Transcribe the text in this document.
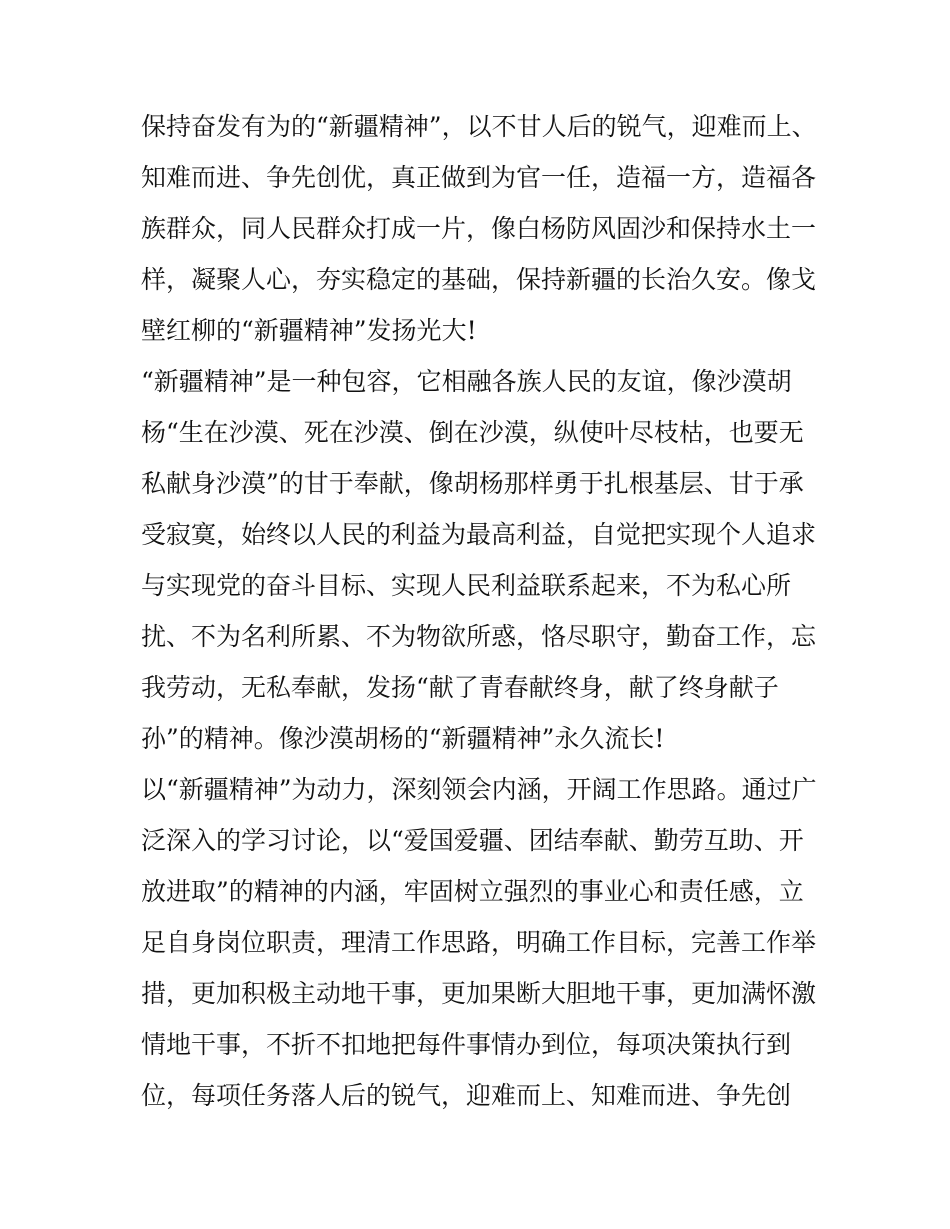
保持奋发有为的“新疆精神”，以不甘人后的锐气，迎难而上、
知难而进、争先创优，真正做到为官一任，造福一方，造福各
族群众，同人民群众打成一片，像白杨防风固沙和保持水土一
样，凝聚人心，夯实稳定的基础，保持新疆的长治久安。像戈
壁红柳的“新疆精神”发扬光大!
“新疆精神”是一种包容，它相融各族人民的友谊，像沙漠胡
杨“生在沙漠、死在沙漠、倒在沙漠，纵使叶尽枝枯，也要无
私献身沙漠”的甘于奉献，像胡杨那样勇于扎根基层、甘于承
受寂寞，始终以人民的利益为最高利益，自觉把实现个人追求
与实现党的奋斗目标、实现人民利益联系起来，不为私心所
扰、不为名利所累、不为物欲所惑，恪尽职守，勤奋工作，忘
我劳动，无私奉献，发扬“献了青春献终身，献了终身献子
孙”的精神。像沙漠胡杨的“新疆精神”永久流长!
以“新疆精神”为动力，深刻领会内涵，开阔工作思路。通过广
泛深入的学习讨论，以“爱国爱疆、团结奉献、勤劳互助、开
放进取”的精神的内涵，牢固树立强烈的事业心和责任感，立
足自身岗位职责，理清工作思路，明确工作目标，完善工作举
措，更加积极主动地干事，更加果断大胆地干事，更加满怀激
情地干事，不折不扣地把每件事情办到位，每项决策执行到
位，每项任务落人后的锐气，迎难而上、知难而进、争先创
